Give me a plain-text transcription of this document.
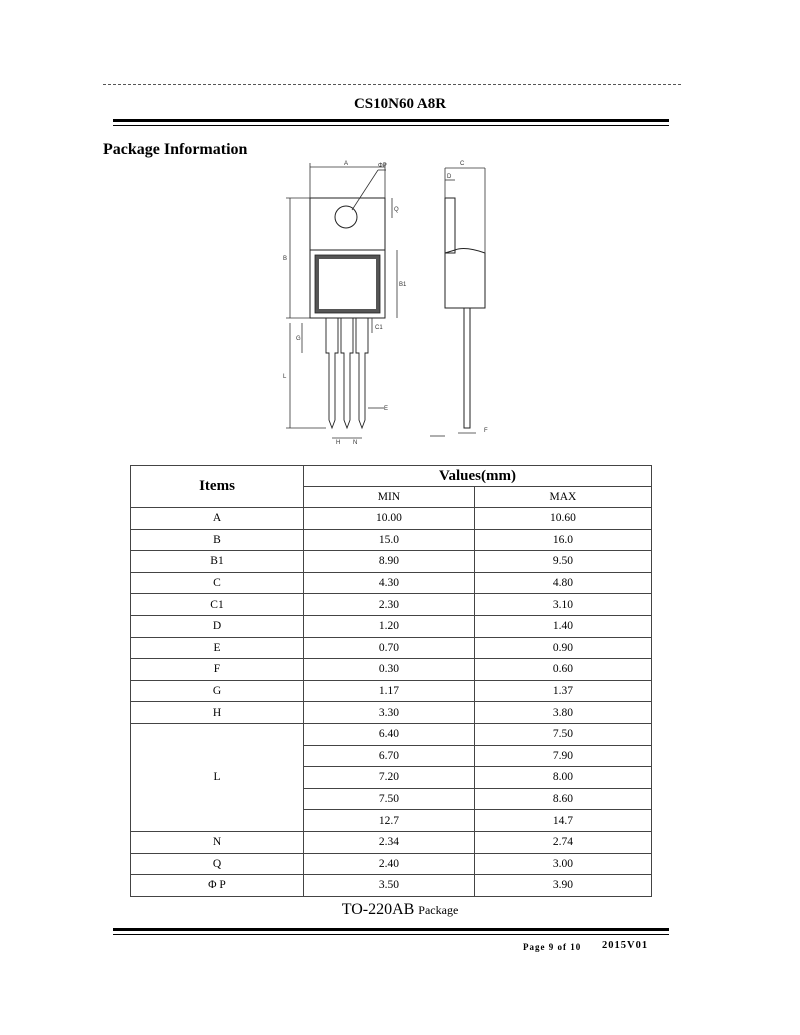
CS10N60 A8R
Package Information
A	ΦP
Q
B
B1
L
G
C1
E
H N
C
D
F
Items	Values(mm)	
	MIN	MAX
A	10.00	10.60
B	15.0	16.0
B1	8.90	9.50
C	4.30	4.80
C1	2.30	3.10
D	1.20	1.40
E	0.70	0.90
F	0.30	0.60
G	1.17	1.37
H	3.30	3.80
L	6.40	7.50
	6.70	7.90
	7.20	8.00
	7.50	8.60
	12.7	14.7
N	2.34	2.74
Q	2.40	3.00
Φ P	3.50	3.90
TO-220AB Package
Page 9 of 10 2015V01
